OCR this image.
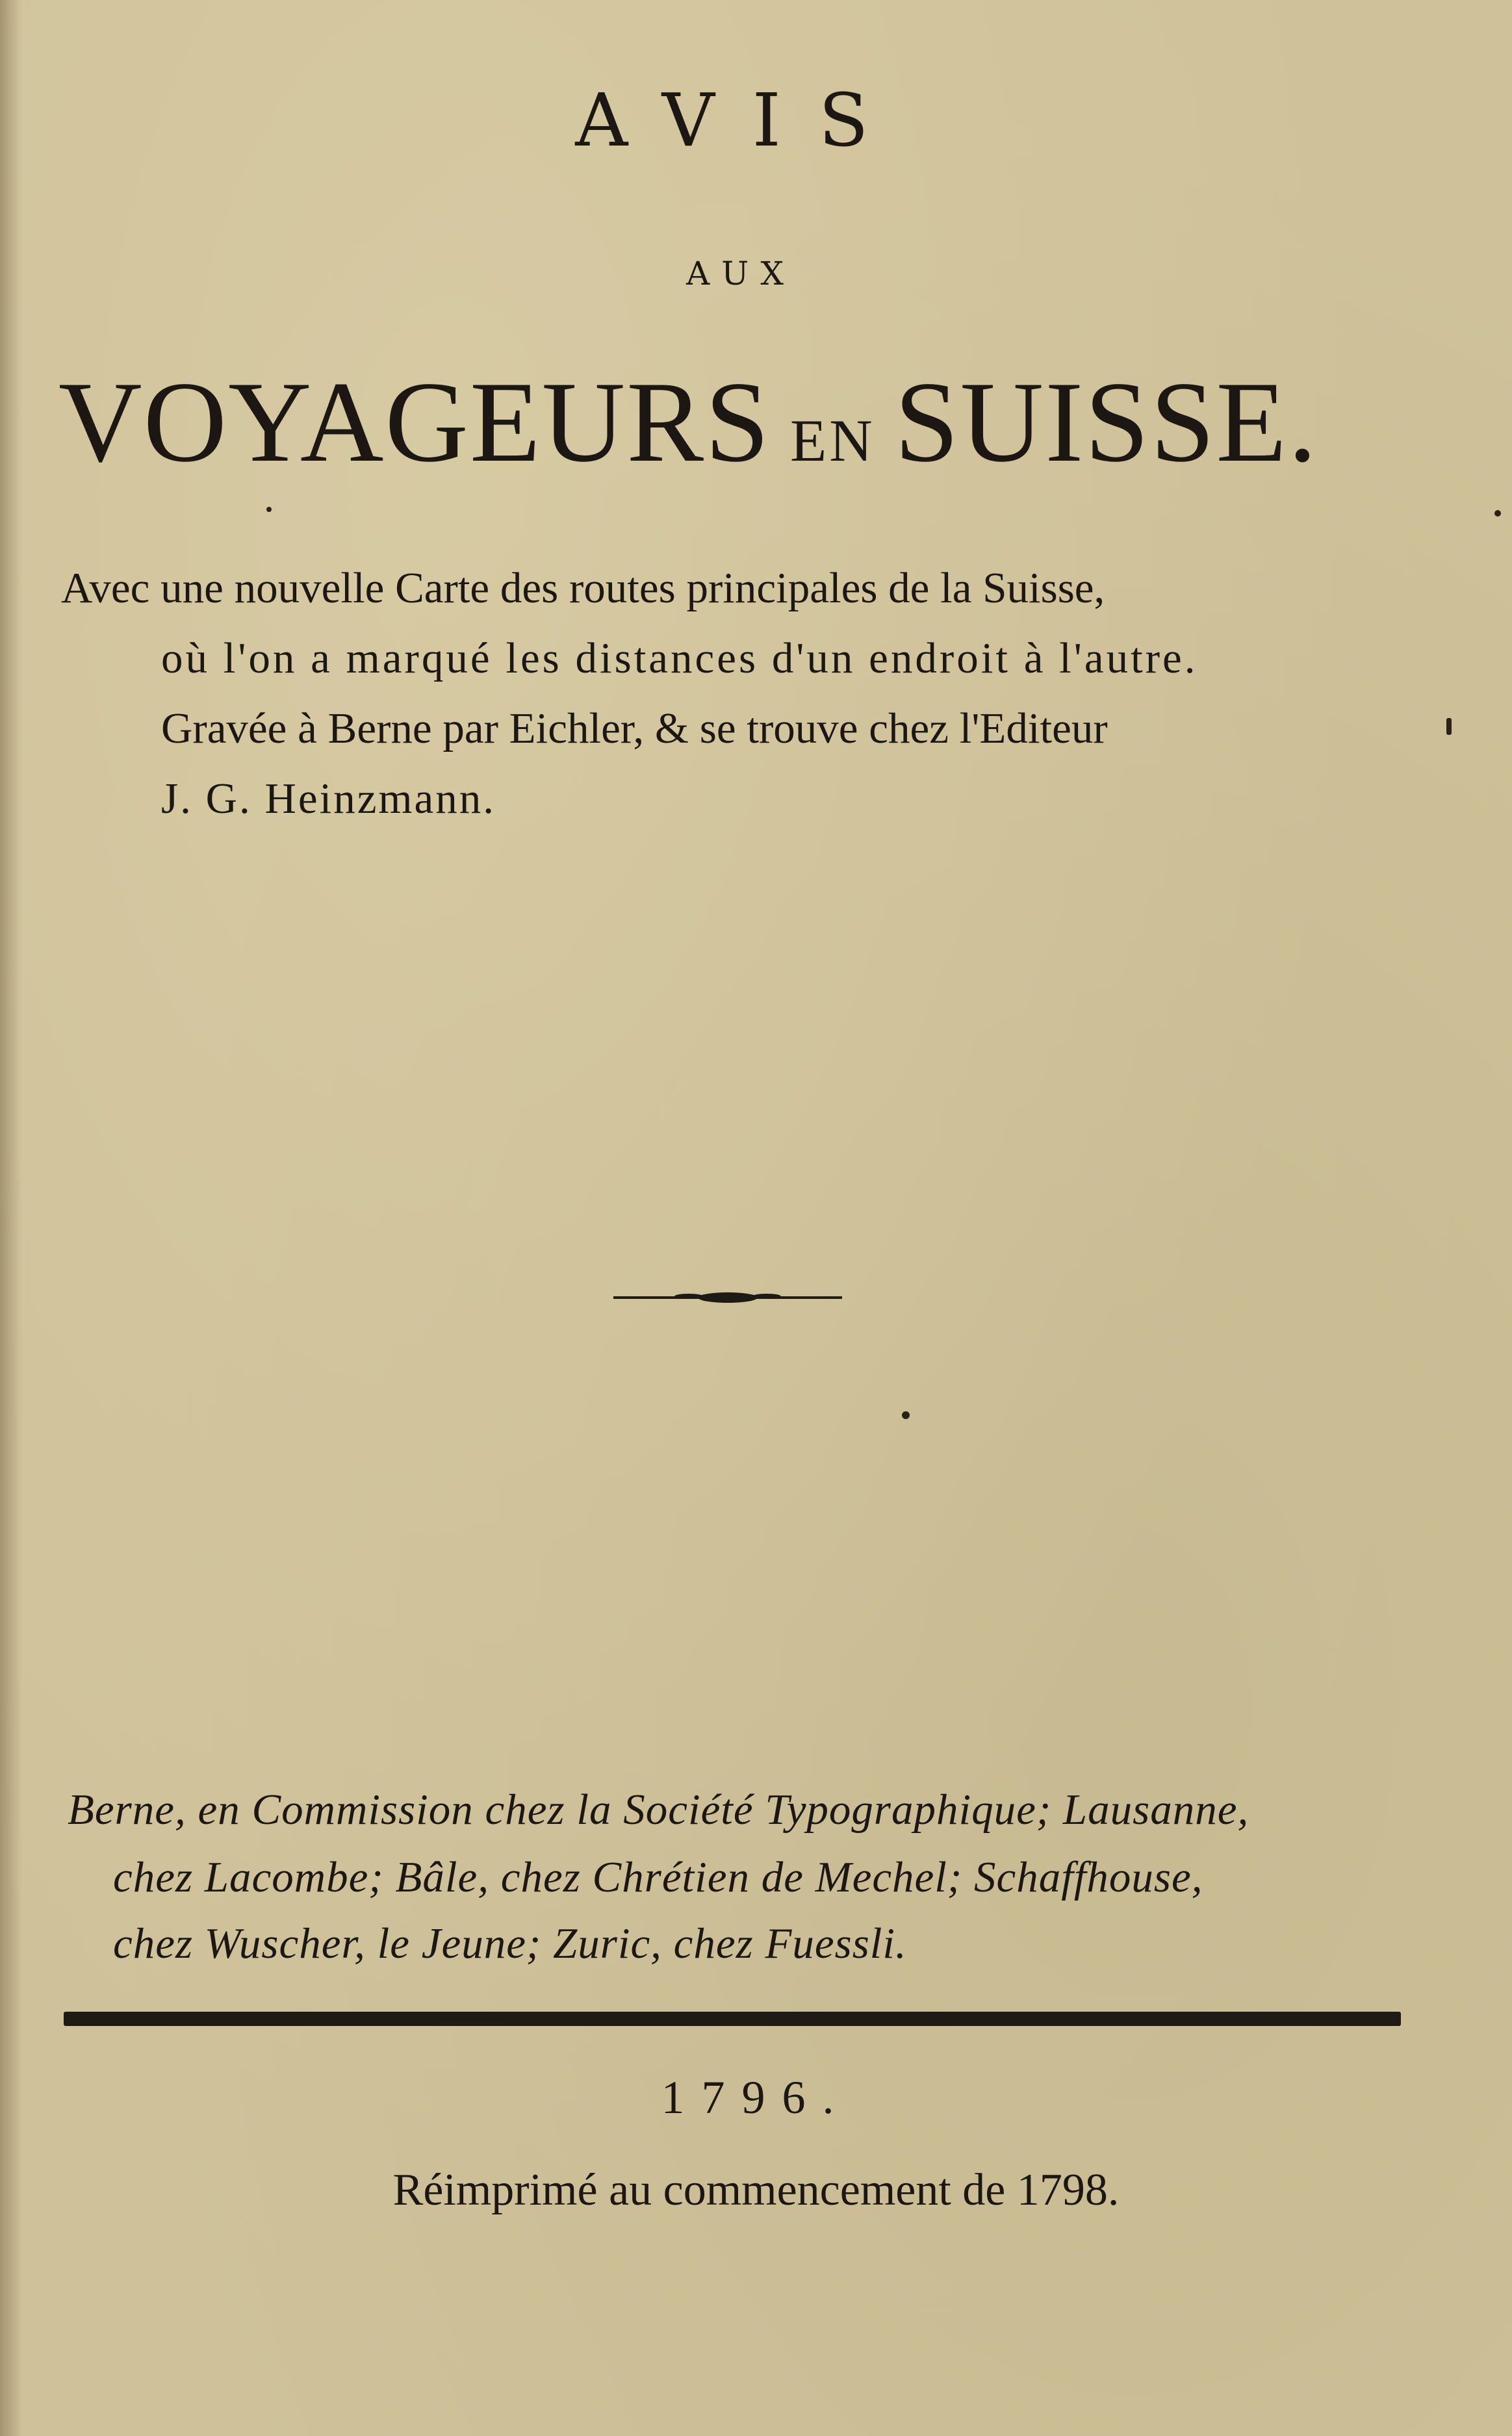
AVIS
AUX
VOYAGEURS EN SUISSE.
Avec une nouvelle Carte des routes principales de la Suisse,
où l'on a marqué les distances d'un endroit à l'autre.
Gravée à Berne par Eichler, & se trouve chez l'Editeur
J. G. Heinzmann.
Berne, en Commission chez la Société Typographique; Lausanne,
chez Lacombe; Bâle, chez Chrétien de Mechel; Schaffhouse,
chez Wuscher, le Jeune; Zuric, chez Fuessli.
1796.
Réimprimé au commencement de 1798.
